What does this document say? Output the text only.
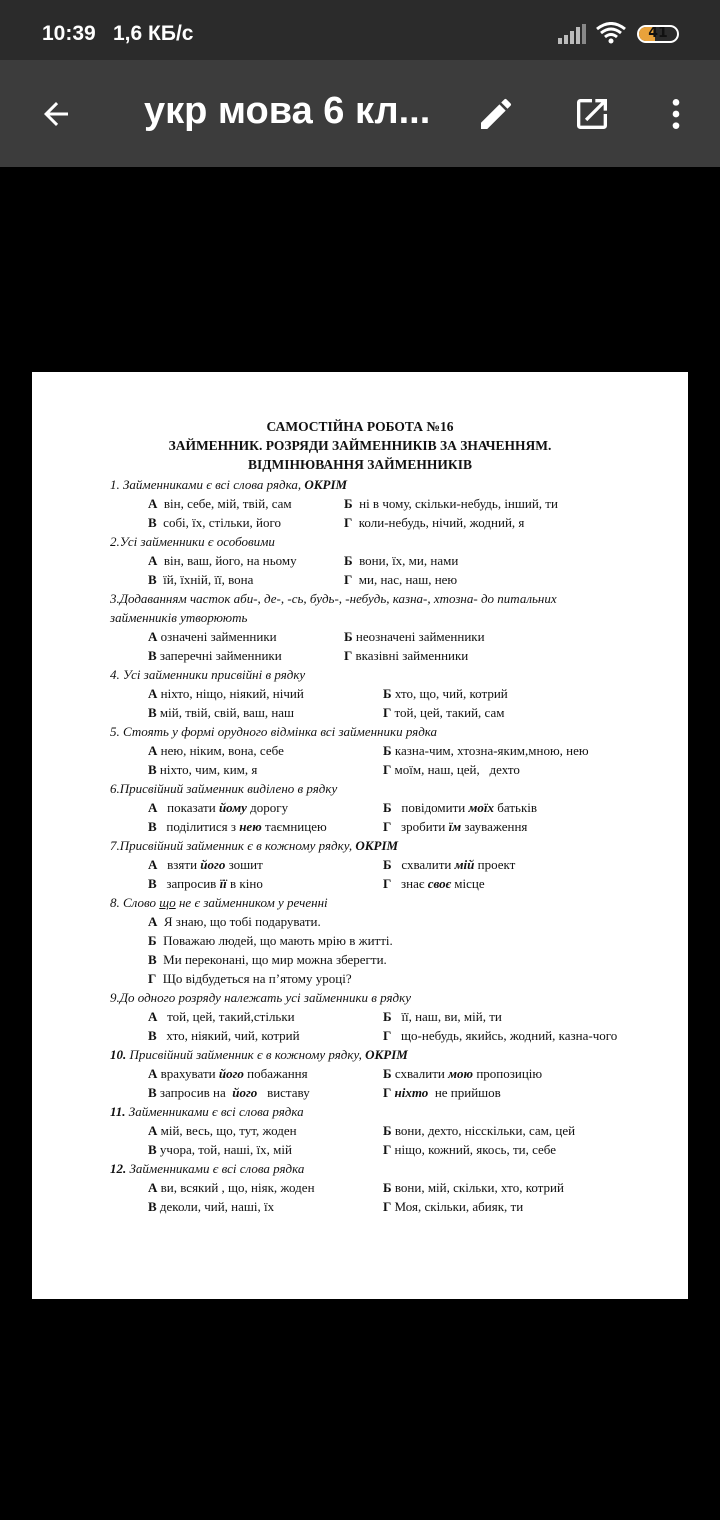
10:39 1,6 КБ/с	41
укр мова 6 кл...
САМОСТІЙНА РОБОТА №16
ЗАЙМЕННИК. РОЗРЯДИ ЗАЙМЕННИКІВ ЗА ЗНАЧЕННЯМ.
ВІДМІНЮВАННЯ ЗАЙМЕННИКІВ
1. Займенниками є всі слова рядка, ОКРІМ
А він, себе, мій, твій, сам	Б ні в чому, скільки-небудь, інший, ти
В собі, їх, стільки, його	Г коли-небудь, нічий, жодний, я
2.Усі займенники є особовими
А він, ваш, його, на ньому	Б вони, їх, ми, нами
В їй, їхній, її, вона	Г ми, нас, наш, нею
3.Додаванням часток аби-, де-, -сь, будь-, -небудь, казна-, хтозна- до питальних
займенників утворюють
А означені займенники	Б неозначені займенники
В заперечні займенники	Г вказівні займенники
4. Усі займенники присвійні в рядку
А ніхто, ніщо, ніякий, нічий	Б хто, що, чий, котрий
В мій, твій, свій, ваш, наш	Г той, цей, такий, сам
5. Стоять у формі орудного відмінка всі займенники рядка
А нею, ніким, вона, себе	Б казна-чим, хтозна-яким,мною, нею
В ніхто, чим, ким, я	Г моїм, наш, цей,   дехто
6.Присвійний займенник виділено в рядку
А показати йому дорогу	Б повідомити моїх батьків
В поділитися з нею таємницею	Г зробити їм зауваження
7.Присвійний займенник є в кожному рядку, ОКРІМ
А взяти його зошит	Б схвалити мій проект
В запросив її в кіно	Г знає своє місце
8. Слово що не є займенником у реченні
А Я знаю, що тобі подарувати.
Б Поважаю людей, що мають мрію в житті.
В Ми переконані, що мир можна зберегти.
Г Що відбудеться на п’ятому уроці?
9.До одного розряду належать усі займенники в рядку
А той, цей, такий,стільки	Б її, наш, ви, мій, ти
В хто, ніякий, чий, котрий	Г що-небудь, якийсь, жодний, казна-чого
10. Присвійний займенник є в кожному рядку, ОКРІМ
А врахувати його побажання	Б схвалити мою пропозицію
В запросив на  його   виставу	Г ніхто  не прийшов
11. Займенниками є всі слова рядка
А мій, весь, що, тут, жоден	Б вони, дехто, нісскільки, сам, цей
В учора, той, наші, їх, мій	Г ніщо, кожний, якось, ти, себе
12. Займенниками є всі слова рядка
А ви, всякий , що, ніяк, жоден	Б вони, мій, скільки, хто, котрий
В деколи, чий, наші, їх	Г Моя, скільки, абияк, ти
